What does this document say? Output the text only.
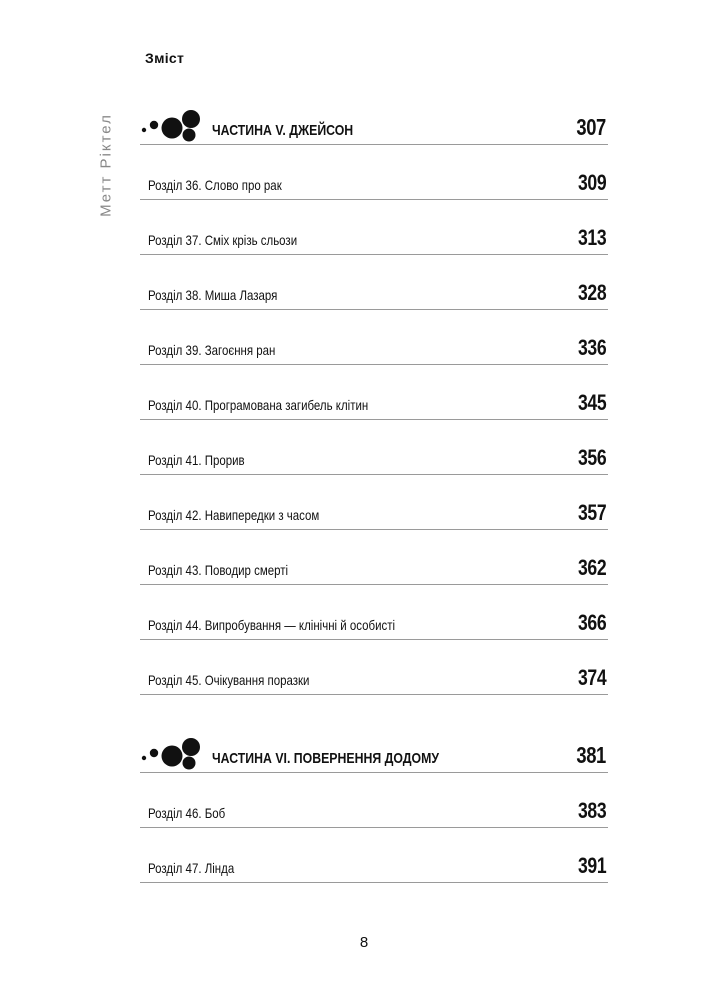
Зміст
Метт Ріктел	ЧАСТИНА V. ДЖЕЙСОН	307
Розділ 36. Слово про рак	309
Розділ 37. Сміх крізь сльози	313
Розділ 38. Миша Лазаря	328
Розділ 39. Загоєння ран	336
Розділ 40. Програмована загибель клітин	345
Розділ 41. Прорив	356
Розділ 42. Навипередки з часом	357
Розділ 43. Поводир смерті	362
Розділ 44. Випробування — клінічні й особисті	366
Розділ 45. Очікування поразки	374
ЧАСТИНА VI. ПОВЕРНЕННЯ ДОДОМУ	381
Розділ 46. Боб	383
Розділ 47. Лінда	391
8
